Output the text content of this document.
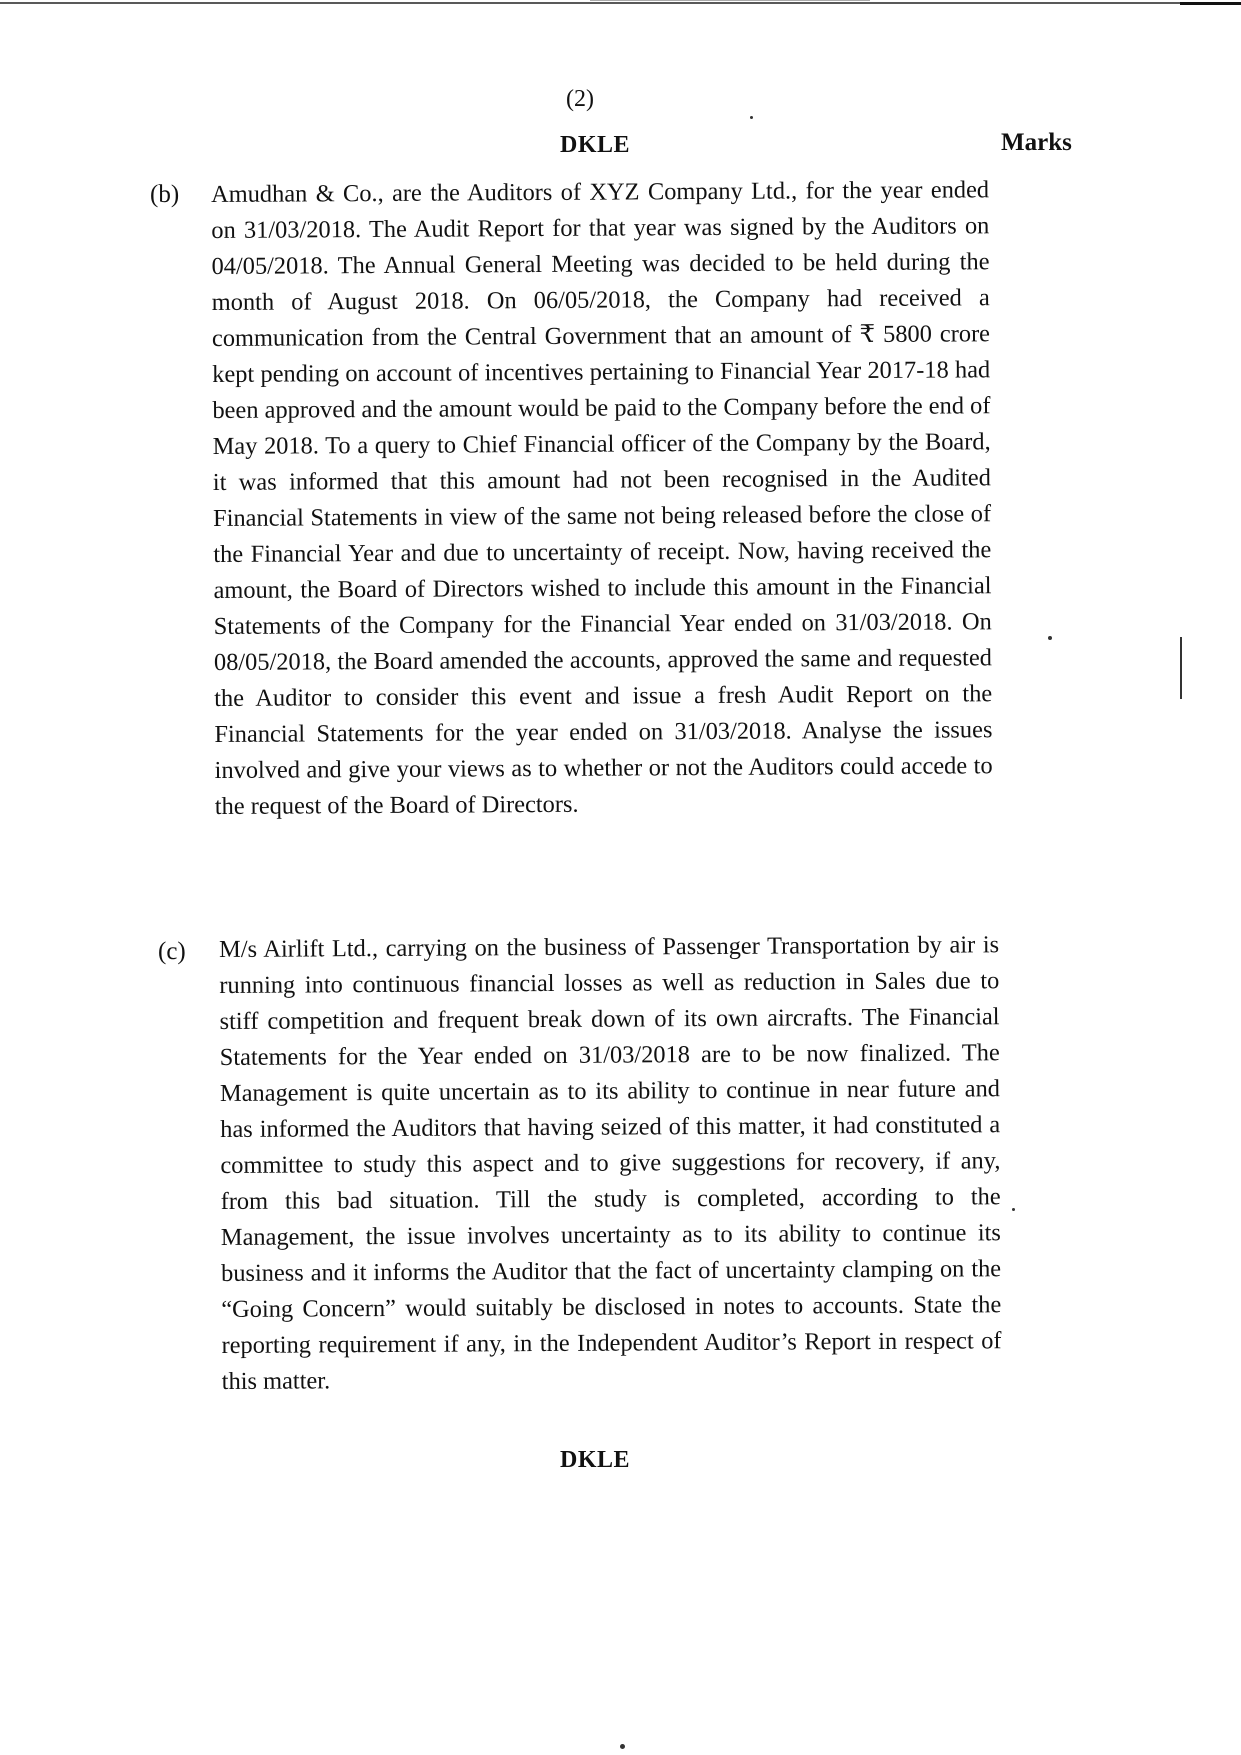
(2)
DKLE	Marks
(b) Amudhan & Co., are the Auditors of XYZ Company Ltd., for the year ended on 31/03/2018. The Audit Report for that year was signed by the Auditors on 04/05/2018. The Annual General Meeting was decided to be held during the month of August 2018. On 06/05/2018, the Company had received a communication from the Central Government that an amount of ₹ 5800 crore kept pending on account of incentives pertaining to Financial Year 2017-18 had been approved and the amount would be paid to the Company before the end of May 2018. To a query to Chief Financial officer of the Company by the Board, it was informed that this amount had not been recognised in the Audited Financial Statements in view of the same not being released before the close of the Financial Year and due to uncertainty of receipt. Now, having received the amount, the Board of Directors wished to include this amount in the Financial Statements of the Company for the Financial Year ended on 31/03/2018. On 08/05/2018, the Board amended the accounts, approved the same and requested the Auditor to consider this event and issue a fresh Audit Report on the Financial Statements for the year ended on 31/03/2018. Analyse the issues involved and give your views as to whether or not the Auditors could accede to the request of the Board of Directors.

(c) M/s Airlift Ltd., carrying on the business of Passenger Transportation by air is running into continuous financial losses as well as reduction in Sales due to stiff competition and frequent break down of its own aircrafts. The Financial Statements for the Year ended on 31/03/2018 are to be now finalized. The Management is quite uncertain as to its ability to continue in near future and has informed the Auditors that having seized of this matter, it had constituted a committee to study this aspect and to give suggestions for recovery, if any, from this bad situation. Till the study is completed, according to the Management, the issue involves uncertainty as to its ability to continue its business and it informs the Auditor that the fact of uncertainty clamping on the “Going Concern” would suitably be disclosed in notes to accounts. State the reporting requirement if any, in the Independent Auditor’s Report in respect of this matter.

DKLE
